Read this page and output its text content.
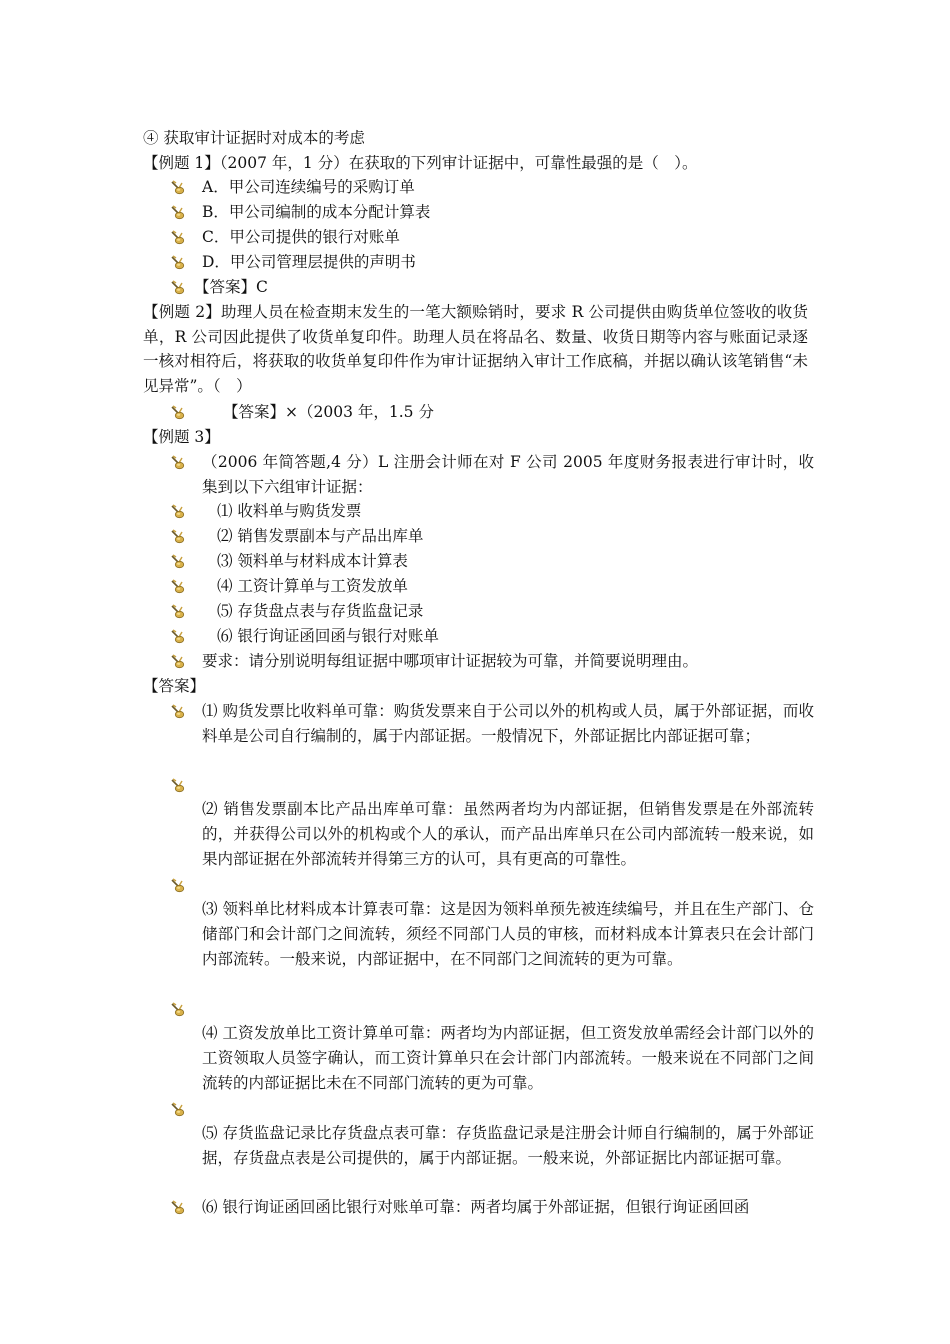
④ 获取审计证据时对成本的考虑
【例题 1】（2007 年，1 分）在获取的下列审计证据中，可靠性最强的是（　）。
A．甲公司连续编号的采购订单
B．甲公司编制的成本分配计算表
C．甲公司提供的银行对账单
D．甲公司管理层提供的声明书
【答案】C
【例题 2】助理人员在检查期末发生的一笔大额赊销时，要求 R 公司提供由购货单位签收的收货单，R 公司因此提供了收货单复印件。助理人员在将品名、数量、收货日期等内容与账面记录逐一核对相符后，将获取的收货单复印件作为审计证据纳入审计工作底稿，并据以确认该笔销售“未见异常”。（　）
【答案】×（2003 年，1.5 分
【例题 3】
（2006 年简答题,4 分）L 注册会计师在对 F 公司 2005 年度财务报表进行审计时，收集到以下六组审计证据：
⑴ 收料单与购货发票
⑵ 销售发票副本与产品出库单
⑶ 领料单与材料成本计算表
⑷ 工资计算单与工资发放单
⑸ 存货盘点表与存货监盘记录
⑹ 银行询证函回函与银行对账单
要求：请分别说明每组证据中哪项审计证据较为可靠，并简要说明理由。
【答案】
⑴ 购货发票比收料单可靠：购货发票来自于公司以外的机构或人员，属于外部证据，而收料单是公司自行编制的，属于内部证据。一般情况下，外部证据比内部证据可靠；
⑵ 销售发票副本比产品出库单可靠：虽然两者均为内部证据，但销售发票是在外部流转的，并获得公司以外的机构或个人的承认，而产品出库单只在公司内部流转一般来说，如果内部证据在外部流转并得第三方的认可，具有更高的可靠性。
⑶ 领料单比材料成本计算表可靠：这是因为领料单预先被连续编号，并且在生产部门、仓储部门和会计部门之间流转，须经不同部门人员的审核，而材料成本计算表只在会计部门内部流转。一般来说，内部证据中，在不同部门之间流转的更为可靠。
⑷ 工资发放单比工资计算单可靠：两者均为内部证据，但工资发放单需经会计部门以外的工资领取人员签字确认，而工资计算单只在会计部门内部流转。一般来说在不同部门之间流转的内部证据比未在不同部门流转的更为可靠。
⑸ 存货监盘记录比存货盘点表可靠：存货监盘记录是注册会计师自行编制的，属于外部证据，存货盘点表是公司提供的，属于内部证据。一般来说，外部证据比内部证据可靠。
⑹ 银行询证函回函比银行对账单可靠：两者均属于外部证据，但银行询证函回函
